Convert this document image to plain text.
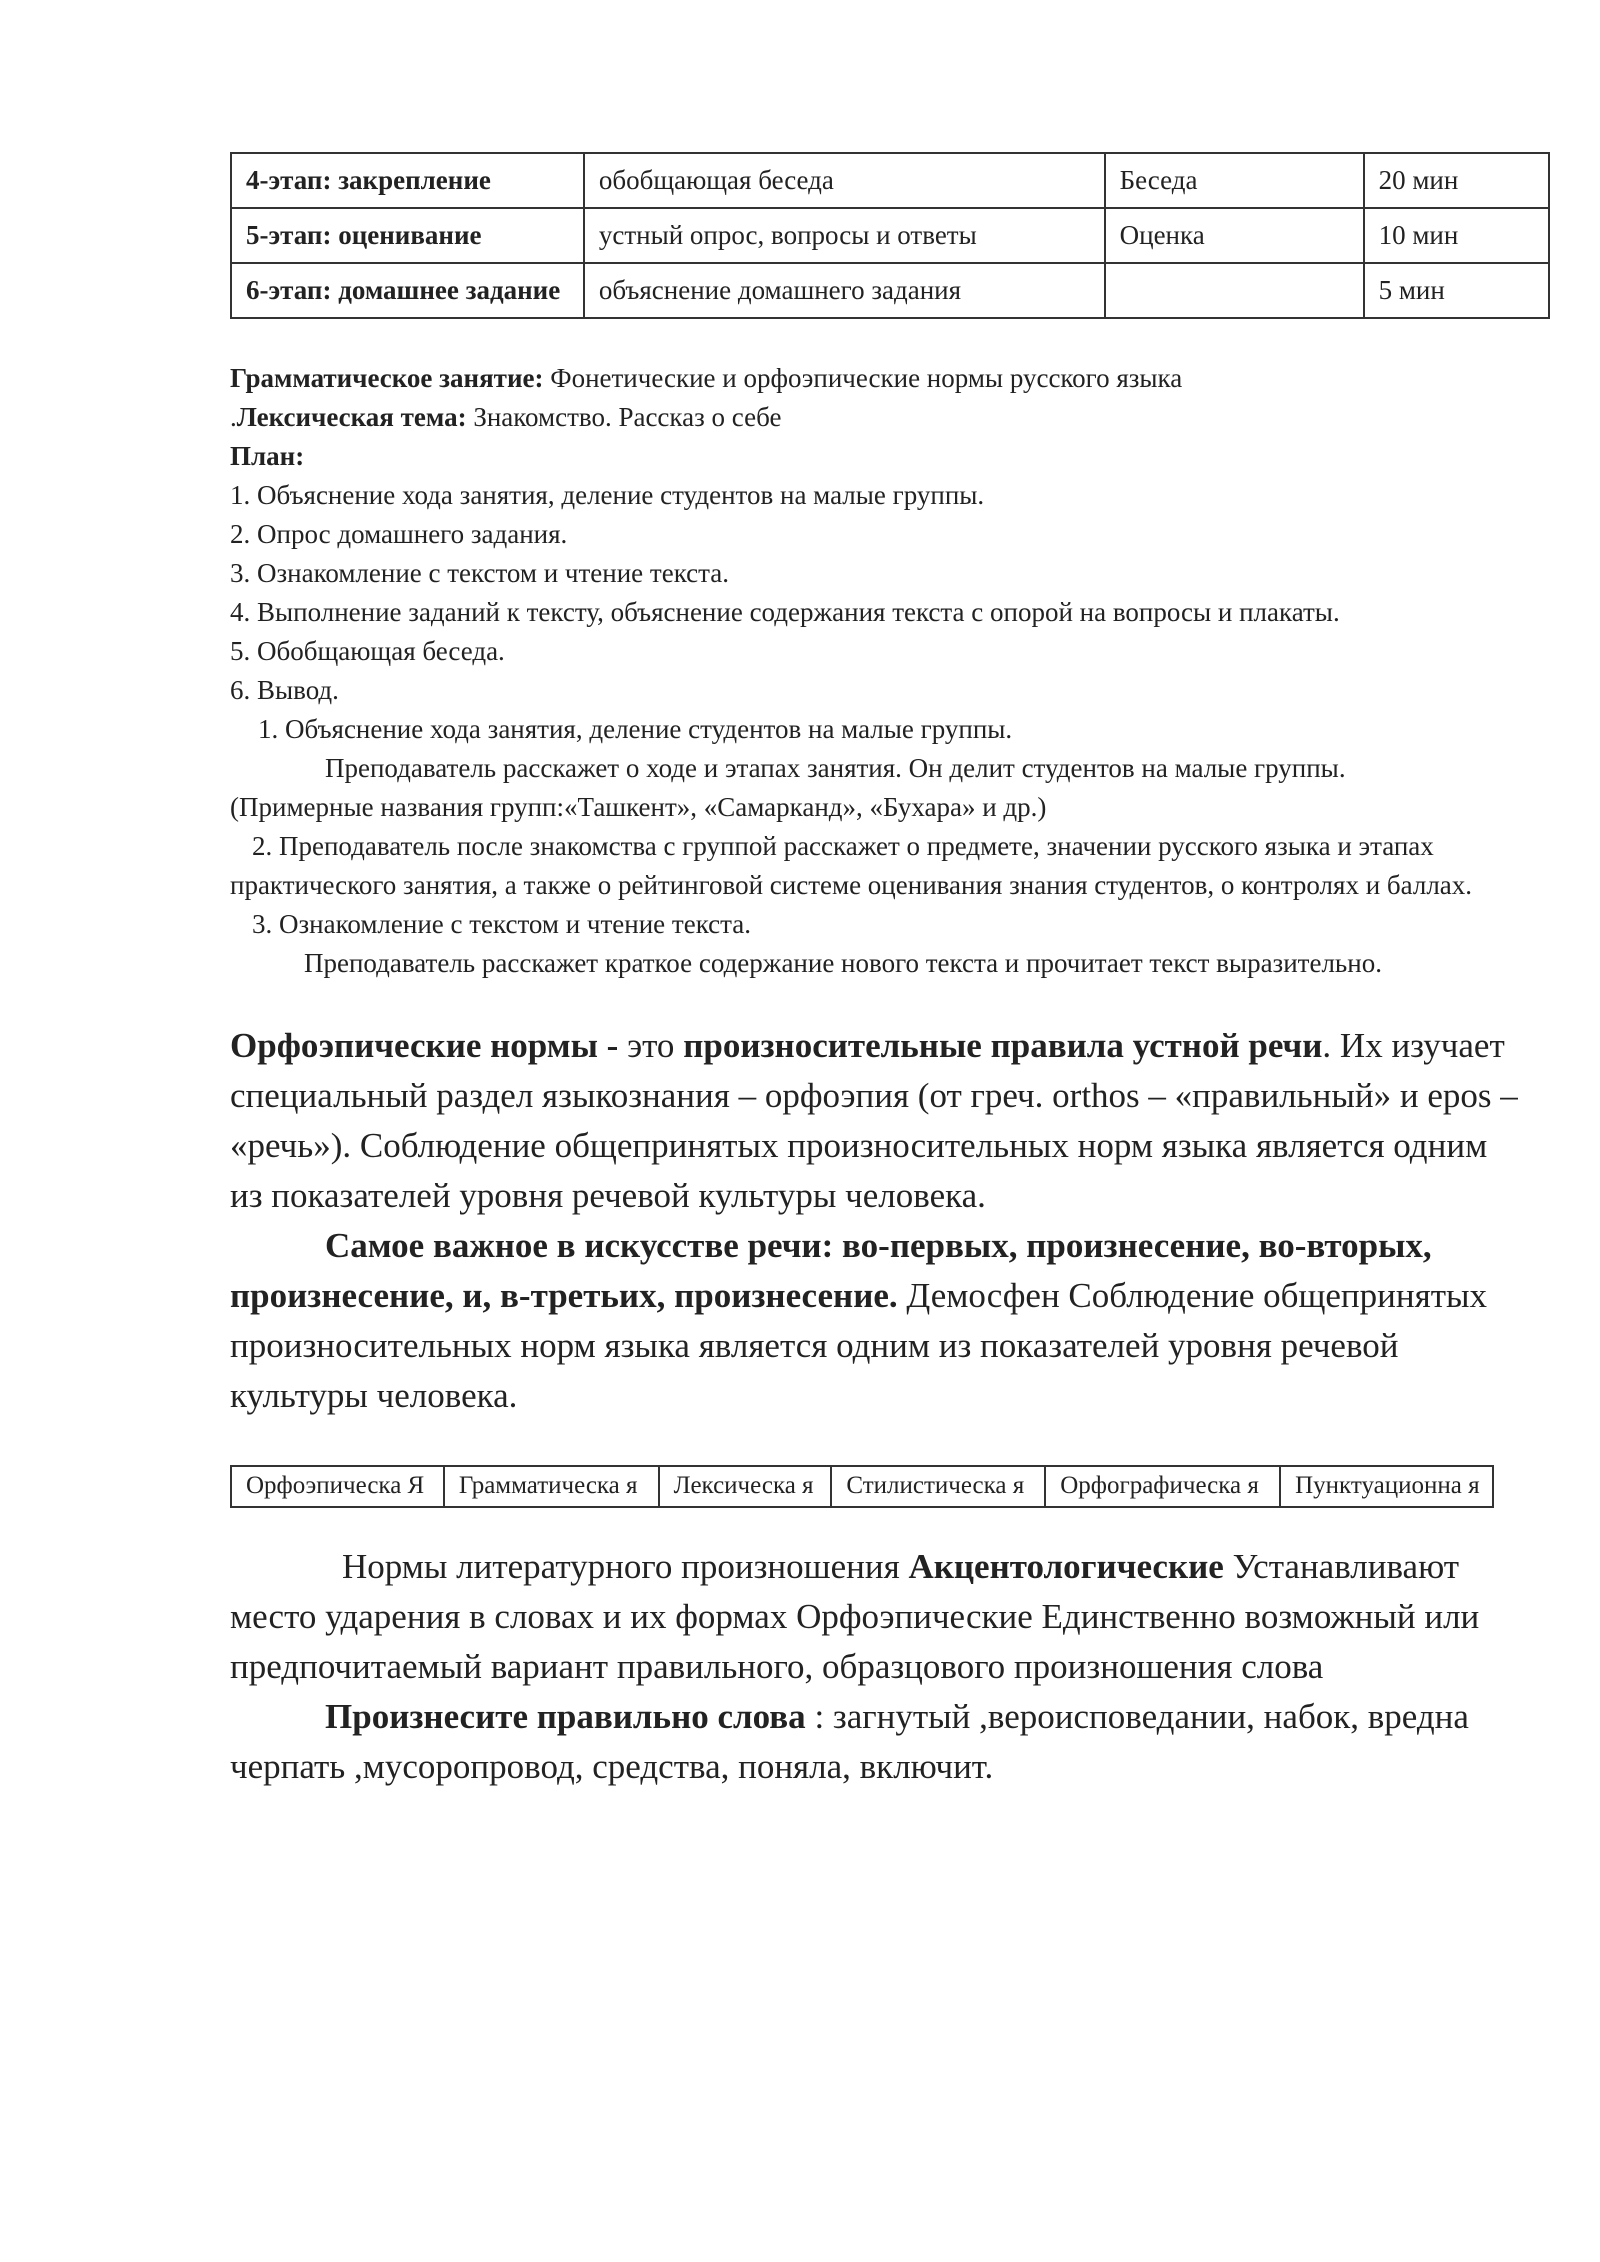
4-этап: закрепление	обобщающая беседа	Беседа	20 мин
5-этап: оценивание	устный опрос, вопросы и ответы	Оценка	10 мин
6-этап: домашнее задание	объяснение домашнего задания		5 мин

Грамматическое занятие: Фонетические и орфоэпические нормы русского языка

.Лексическая тема: Знакомство. Рассказ о себе

План:

1. Объяснение хода занятия, деление студентов на малые группы.

2. Опрос домашнего задания.

3. Ознакомление с текстом и чтение текста.

4. Выполнение заданий к тексту, объяснение содержания текста с опорой на вопросы и плакаты.

5. Обобщающая беседа.

6. Вывод.

1. Объяснение хода занятия, деление студентов на малые группы.

Преподаватель расскажет о ходе и этапах занятия. Он делит студентов на малые группы.

(Примерные названия групп:«Ташкент», «Самарканд», «Бухара» и др.)

2. Преподаватель после знакомства с группой расскажет о предмете, значении русского языка и этапах практического занятия, а также о рейтинговой системе оценивания знания студентов, о контролях и баллах.

3. Ознакомление с текстом и чтение текста.

Преподаватель расскажет краткое содержание нового текста и прочитает текст выразительно.

Орфоэпические нормы - это произносительные правила устной речи. Их изучает специальный раздел языкознания – орфоэпия (от греч. orthos – «правильный» и epos – «речь»). Соблюдение общепринятых произносительных норм языка является одним из показателей уровня речевой культуры человека.

Самое важное в искусстве речи: во-первых, произнесение, во-вторых, произнесение, и, в-третьих, произнесение. Демосфен Соблюдение общепринятых произносительных норм языка является одним из показателей уровня речевой культуры человека.

Орфоэпическа Я	Грамматическа я	Лексическа я	Стилистическа я	Орфографическа я	Пунктуационна я

Нормы литературного произношения Акцентологические Устанавливают место ударения в словах и их формах Орфоэпические Единственно возможный или предпочитаемый вариант правильного, образцового произношения слова

Произнесите правильно слова : загнутый ,вероисповедании, набок, вредна черпать ,мусоропровод, средства, поняла, включит.
